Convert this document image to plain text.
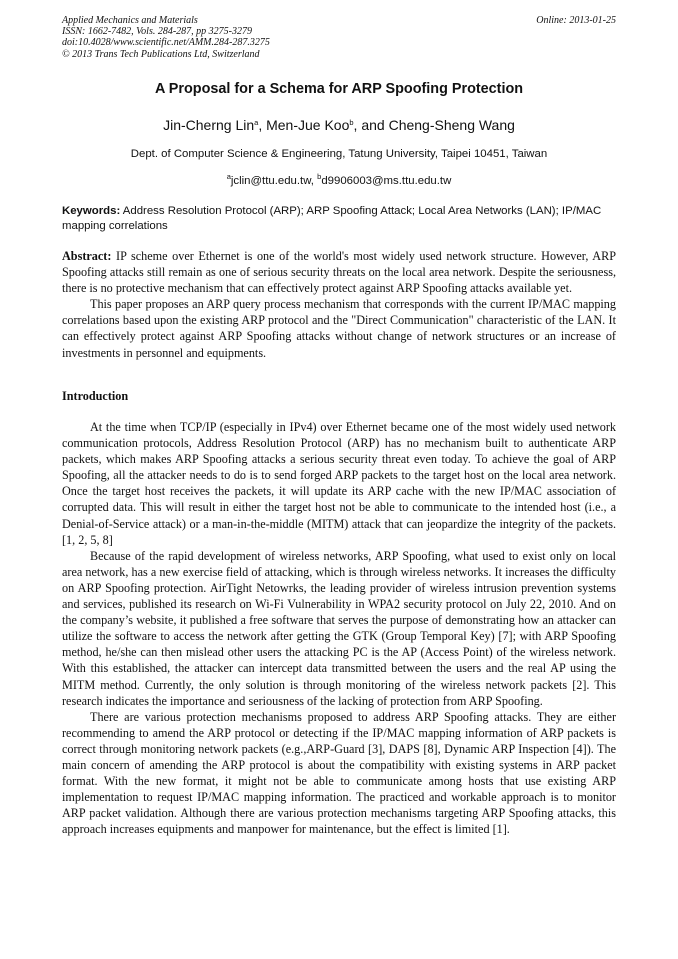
Applied Mechanics and Materials
ISSN: 1662-7482, Vols. 284-287, pp 3275-3279
doi:10.4028/www.scientific.net/AMM.284-287.3275
© 2013 Trans Tech Publications Ltd, Switzerland
Online: 2013-01-25
A Proposal for a Schema for ARP Spoofing Protection
Jin-Cherng Lin$^a$, Men-Jue Koo$^b$, and Cheng-Sheng Wang
Dept. of Computer Science & Engineering, Tatung University, Taipei 10451, Taiwan
$^a$jclin@ttu.edu.tw, $^b$d9906003@ms.ttu.edu.tw
Keywords: Address Resolution Protocol (ARP); ARP Spoofing Attack; Local Area Networks (LAN); IP/MAC mapping correlations

Abstract: IP scheme over Ethernet is one of the world's most widely used network structure. However, ARP Spoofing attacks still remain as one of serious security threats on the local area network. Despite the seriousness, there is no protective mechanism that can effectively protect against ARP Spoofing attacks available yet.

This paper proposes an ARP query process mechanism that corresponds with the current IP/MAC mapping correlations based upon the existing ARP protocol and the "Direct Communication" characteristic of the LAN. It can effectively protect against ARP Spoofing attacks without change of network structures or an increase of investments in personnel and equipments.

Introduction

At the time when TCP/IP (especially in IPv4) over Ethernet became one of the most widely used network communication protocols, Address Resolution Protocol (ARP) has no mechanism built to authenticate ARP packets, which makes ARP Spoofing attacks a serious security threat even today. To achieve the goal of ARP Spoofing, all the attacker needs to do is to send forged ARP packets to the target host on the local area network. Once the target host receives the packets, it will update its ARP cache with the new IP/MAC association of corrupted data. This will result in either the target host not be able to communicate to the intended host (i.e., a Denial-of-Service attack) or a man-in-the-middle (MITM) attack that can jeopardize the integrity of the packets. [1, 2, 5, 8]

Because of the rapid development of wireless networks, ARP Spoofing, what used to exist only on local area network, has a new exercise field of attacking, which is through wireless networks. It increases the difficulty on ARP Spoofing protection. AirTight Netowrks, the leading provider of wireless intrusion prevention systems and services, published its research on Wi-Fi Vulnerability in WPA2 security protocol on July 22, 2010. And on the company’s website, it published a free software that serves the purpose of demonstrating how an attacker can utilize the software to access the network after getting the GTK (Group Temporal Key) [7]; with ARP Spoofing method, he/she can then mislead other users the attacking PC is the AP (Access Point) of the wireless network. With this established, the attacker can intercept data transmitted between the users and the real AP using the MITM method. Currently, the only solution is through monitoring of the wireless network packets [2]. This research indicates the importance and seriousness of the lacking of protection from ARP Spoofing.

There are various protection mechanisms proposed to address ARP Spoofing attacks. They are either recommending to amend the ARP protocol or detecting if the IP/MAC mapping information of ARP packets is correct through monitoring network packets (e.g.,ARP-Guard [3], DAPS [8], Dynamic ARP Inspection [4]). The main concern of amending the ARP protocol is about the compatibility with existing systems in ARP packet format. With the new format, it might not be able to communicate among hosts that use existing ARP implementation to request IP/MAC mapping information. The practiced and workable approach is to monitor ARP packet validation. Although there are various protection mechanisms targeting ARP Spoofing attacks, this approach increases equipments and manpower for maintenance, but the effect is limited [1].
